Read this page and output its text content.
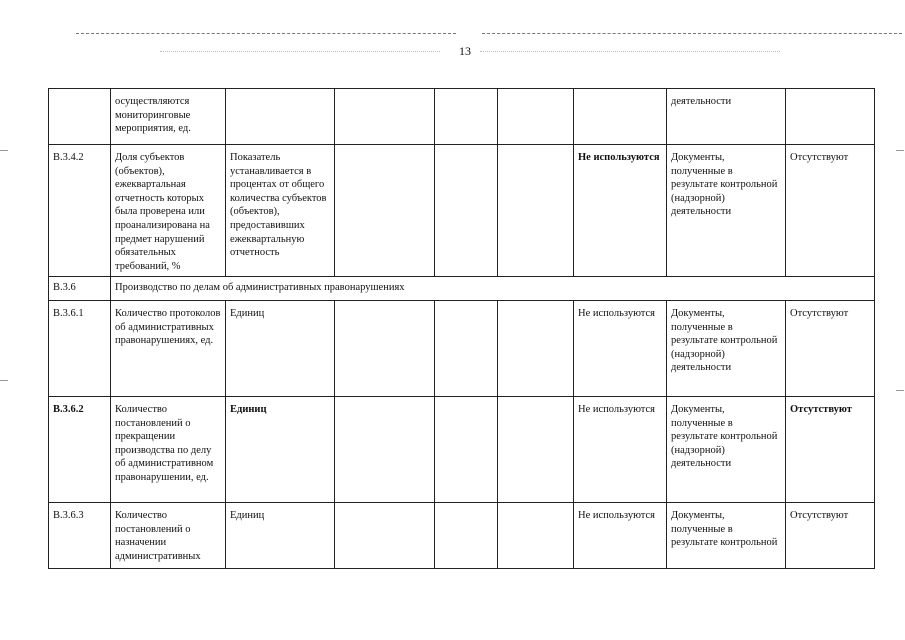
13
	осуществляются мониторинговые мероприятия, ед.						деятельности	
В.3.4.2	Доля субъектов (объектов), ежеквартальная отчетность которых была проверена или проанализирована на предмет нарушений обязательных требований, %	Показатель устанавливается в процентах от общего количества субъектов (объектов), предоставивших ежеквартальную отчетность				Не используются	Документы, полученные в результате контрольной (надзорной) деятельности	Отсутствуют
В.3.6	Производство по делам об административных правонарушениях							
В.3.6.1	Количество протоколов об административных правонарушениях, ед.	Единиц				Не используются	Документы, полученные в результате контрольной (надзорной) деятельности	Отсутствуют
В.3.6.2	Количество постановлений о прекращении производства по делу об административном правонарушении, ед.	Единиц				Не используются	Документы, полученные в результате контрольной (надзорной) деятельности	Отсутствуют
В.3.6.3	Количество постановлений о назначении административных	Единиц				Не используются	Документы, полученные в результате контрольной	Отсутствуют
